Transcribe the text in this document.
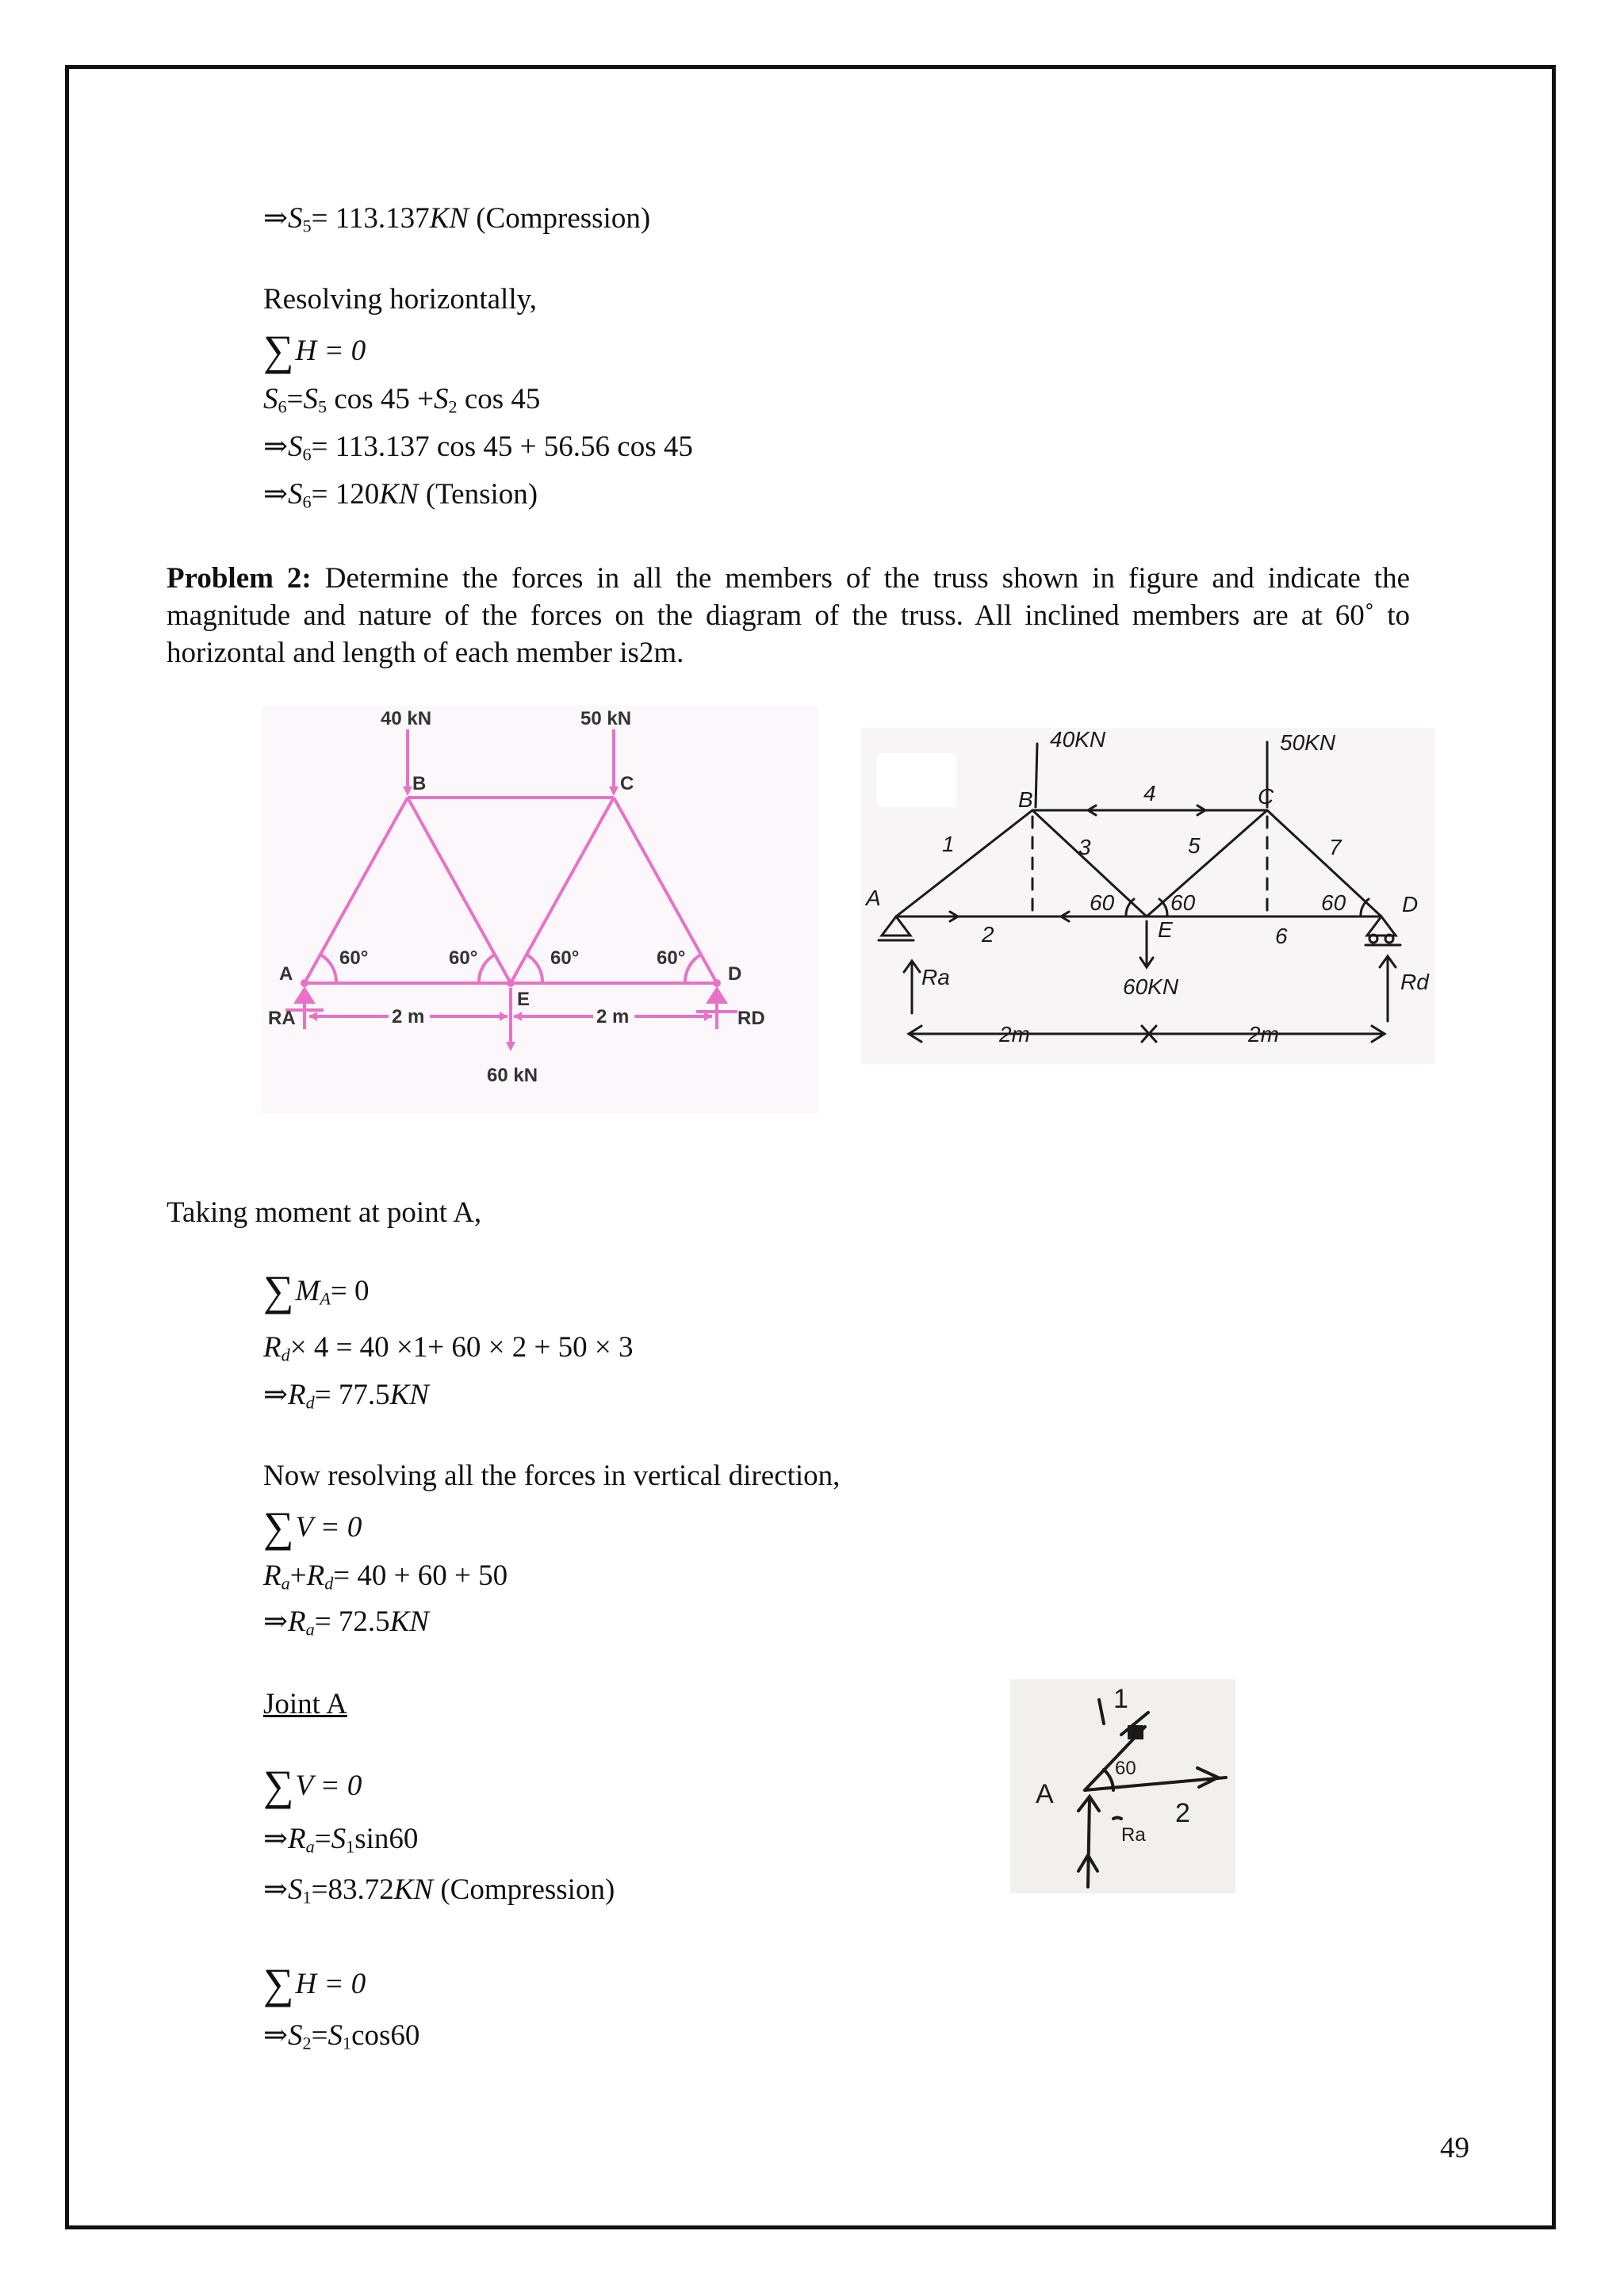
$\Rightarrow S_5= 113.137KN$ (Compression)
Resolving horizontally,
∑H = 0
$S_6=S_5$ $\cos 45 +S_2$ cos 45
$\Rightarrow S_6= 113.137$ cos 45 + 56.56 cos 45
$\Rightarrow S_6= 120KN$ (Tension)
Problem 2: Determine the forces in all the members of the truss shown in figure and indicate the magnitude and nature of the forces on the diagram of the truss. All inclined members are at 60˚ to horizontal and length of each member is2m.
40 kN	50 kN
60 kN
B	C
A	D
E
60°	60°	60°	60°
RA	RD
2 m	2 m
40KN	50KN
60KN
B	C
A	D
E
1
2
3
4
5
6
7
60	60	60
Ra	Rd
2m	2m
Taking moment at point A,
$\sum M_A= 0$
$R_d\times 4 = 40 \times 1+ 60 \times 2 + 50 \times 3$
$\Rightarrow R_d= 77.5KN$
Now resolving all the forces in vertical direction,
∑V = 0
$R_a+R_d= 40 + 60 + 50$
$\Rightarrow R_a= 72.5KN$
Joint A
∑V = 0
$\Rightarrow R_a=S_1\sin 60$
$\Rightarrow S_1=83.72KN$ (Compression)
∑H = 0
$\Rightarrow S_2=S_1\cos 60$
A
1
2
60
Ra
49
